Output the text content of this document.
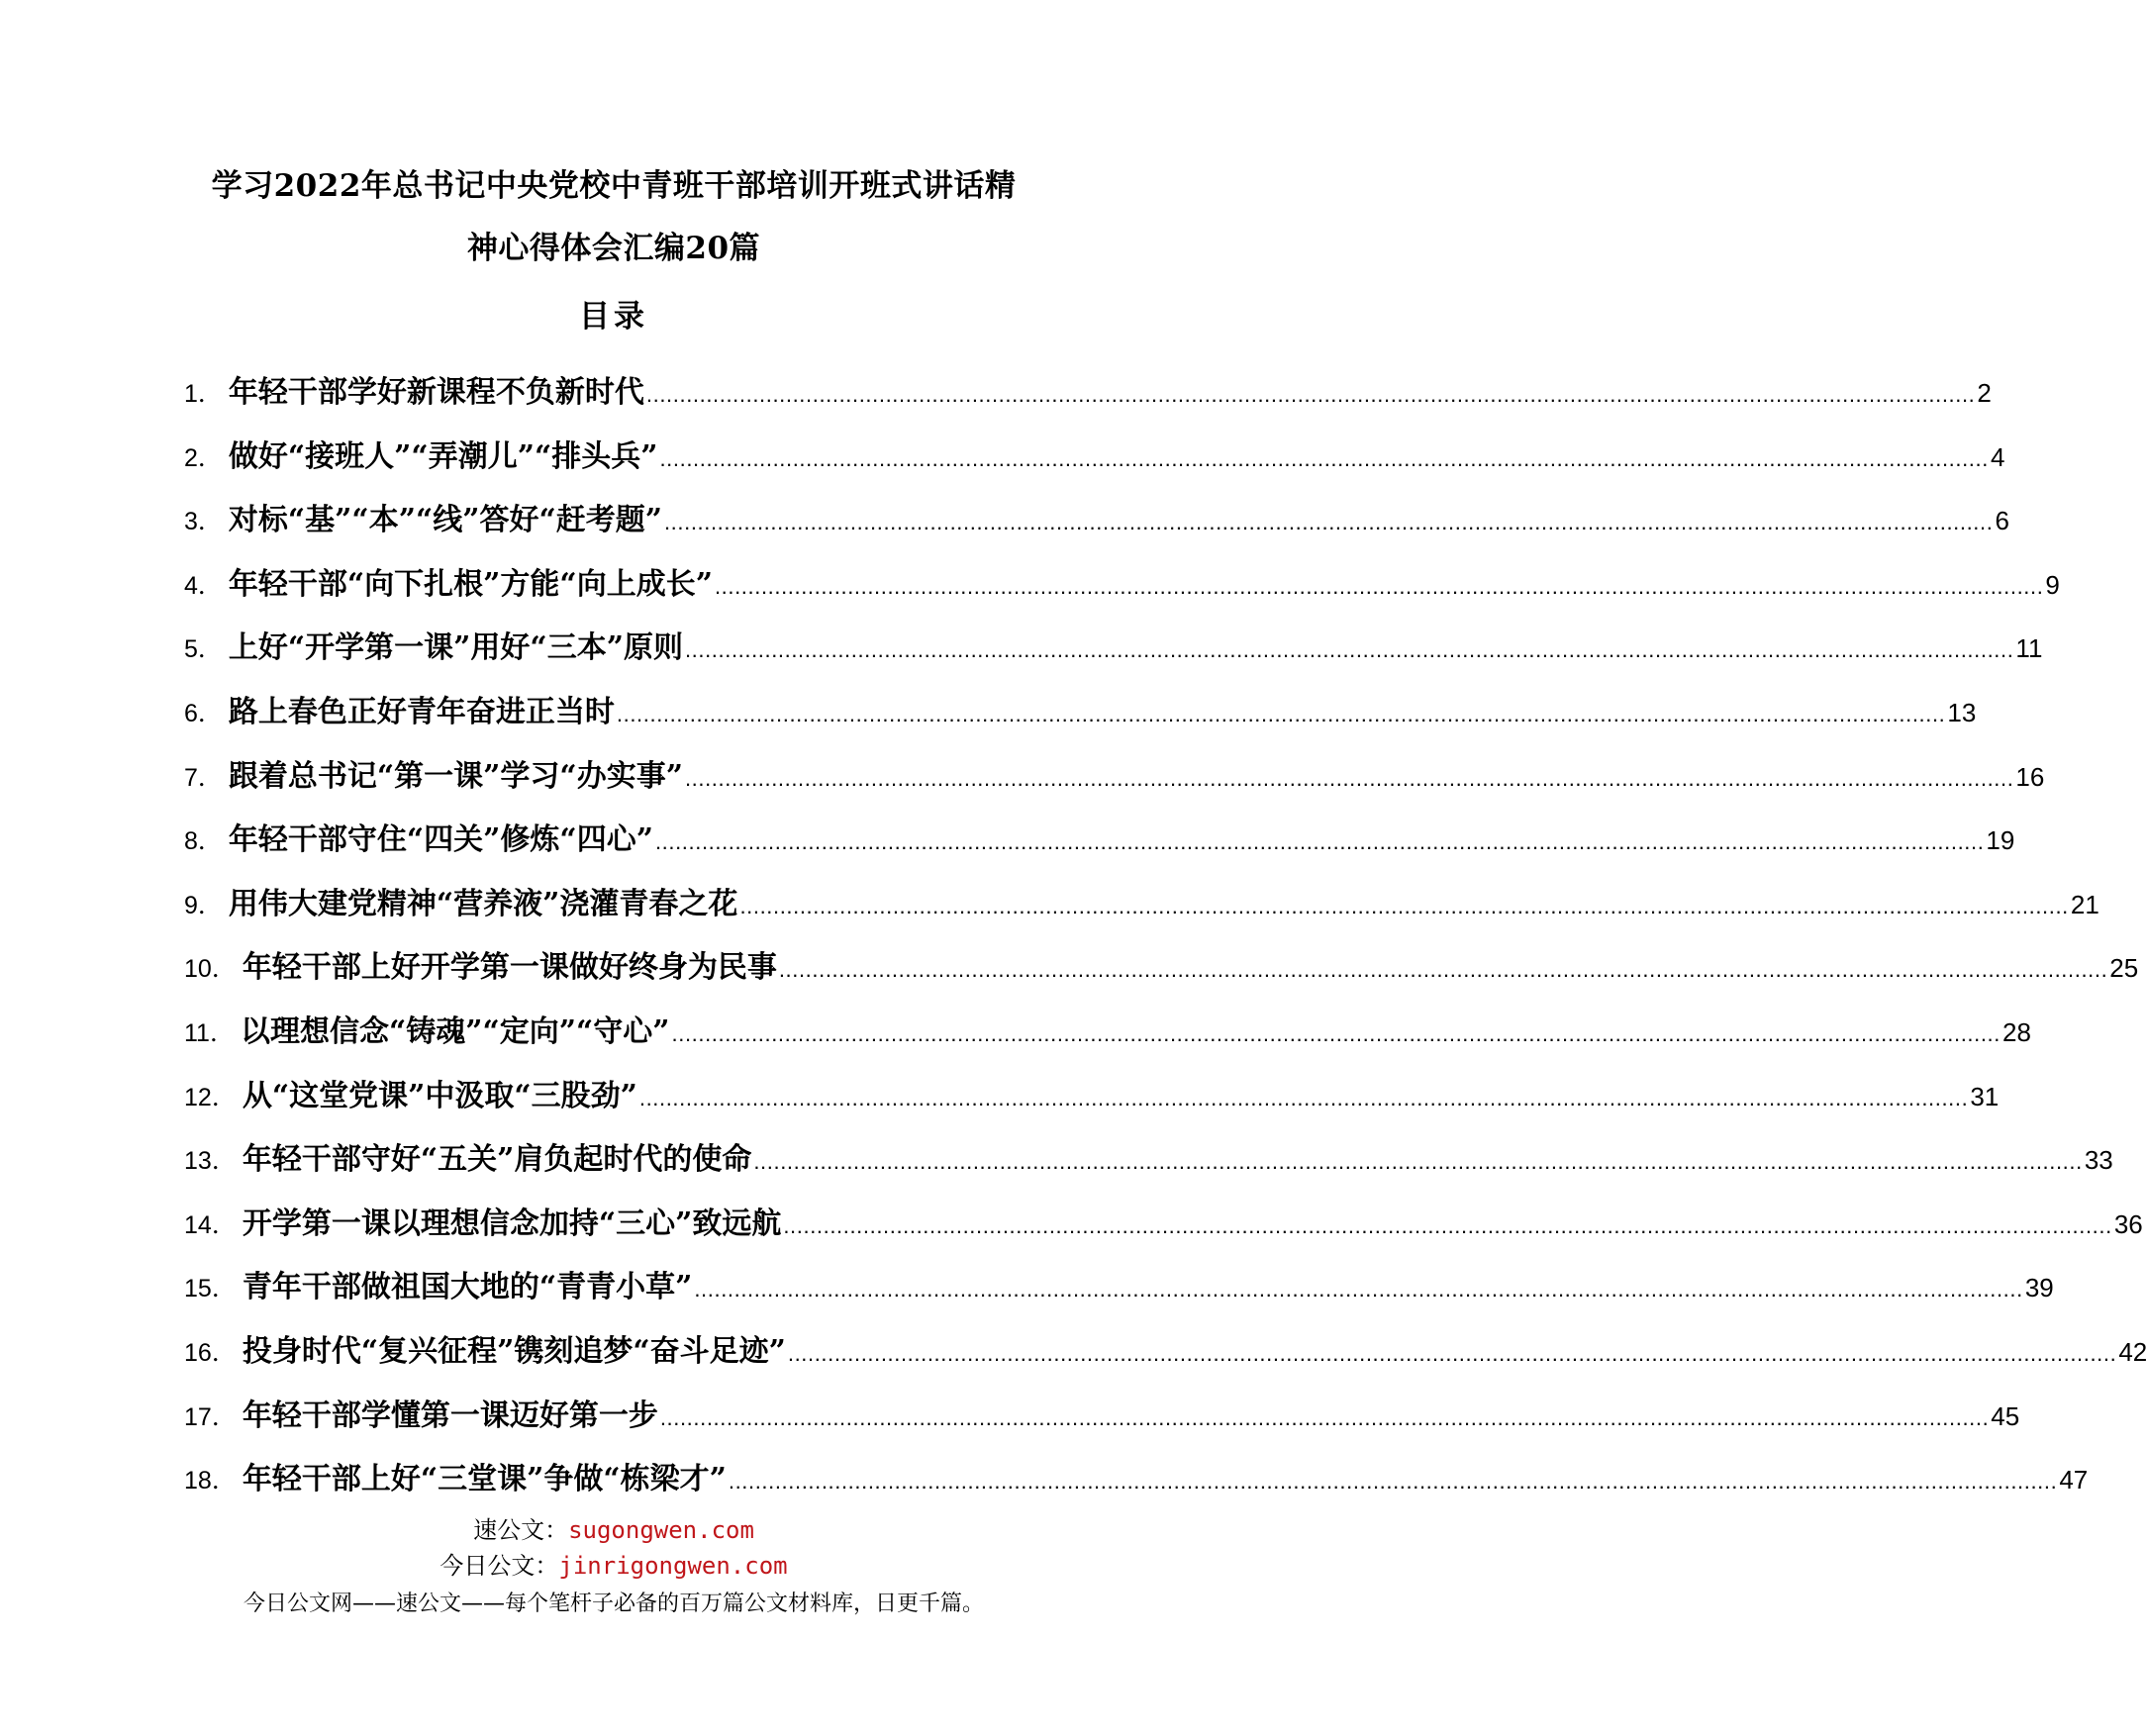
学习2022年总书记中央党校中青班干部培训开班式讲话精
神心得体会汇编20篇
目录
1 ．	年轻干部学好新课程不负新时代 .....	2
2 ．	做好“接班人”“弄潮儿”“排头兵” .....	4
3 ．	对标“基”“本”“线”答好“赶考题” .....	6
4 ．	年轻干部“向下扎根”方能“向上成长” .....	9
5 ．	上好“开学第一课”用好“三本”原则 .....	11
6 ．	路上春色正好青年奋进正当时 .....	13
7 ．	跟着总书记“第一课”学习“办实事” .....	16
8 ．	年轻干部守住“四关”修炼“四心” .....	19
9 ．	用伟大建党精神“营养液”浇灌青春之花 .....	21
10 ．	年轻干部上好开学第一课做好终身为民事 .....	25
11 ．	以理想信念“铸魂”“定向”“守心” .....	28
12 ．	从“这堂党课”中汲取“三股劲” .....	31
13 ．	年轻干部守好“五关”肩负起时代的使命 .....	33
14 ．	开学第一课以理想信念加持“三心”致远航 .....	36
15 ．	青年干部做祖国大地的“青青小草” .....	39
16 ．	投身时代“复兴征程”镌刻追梦“奋斗足迹” .....	42
17 ．	年轻干部学懂第一课迈好第一步 .....	45
18 ．	年轻干部上好“三堂课”争做“栋梁才” .....	47
速公文：sugongwen.com
今日公文：jinrigongwen.com
今日公文网——速公文——每个笔杆子必备的百万篇公文材料库，日更千篇。
